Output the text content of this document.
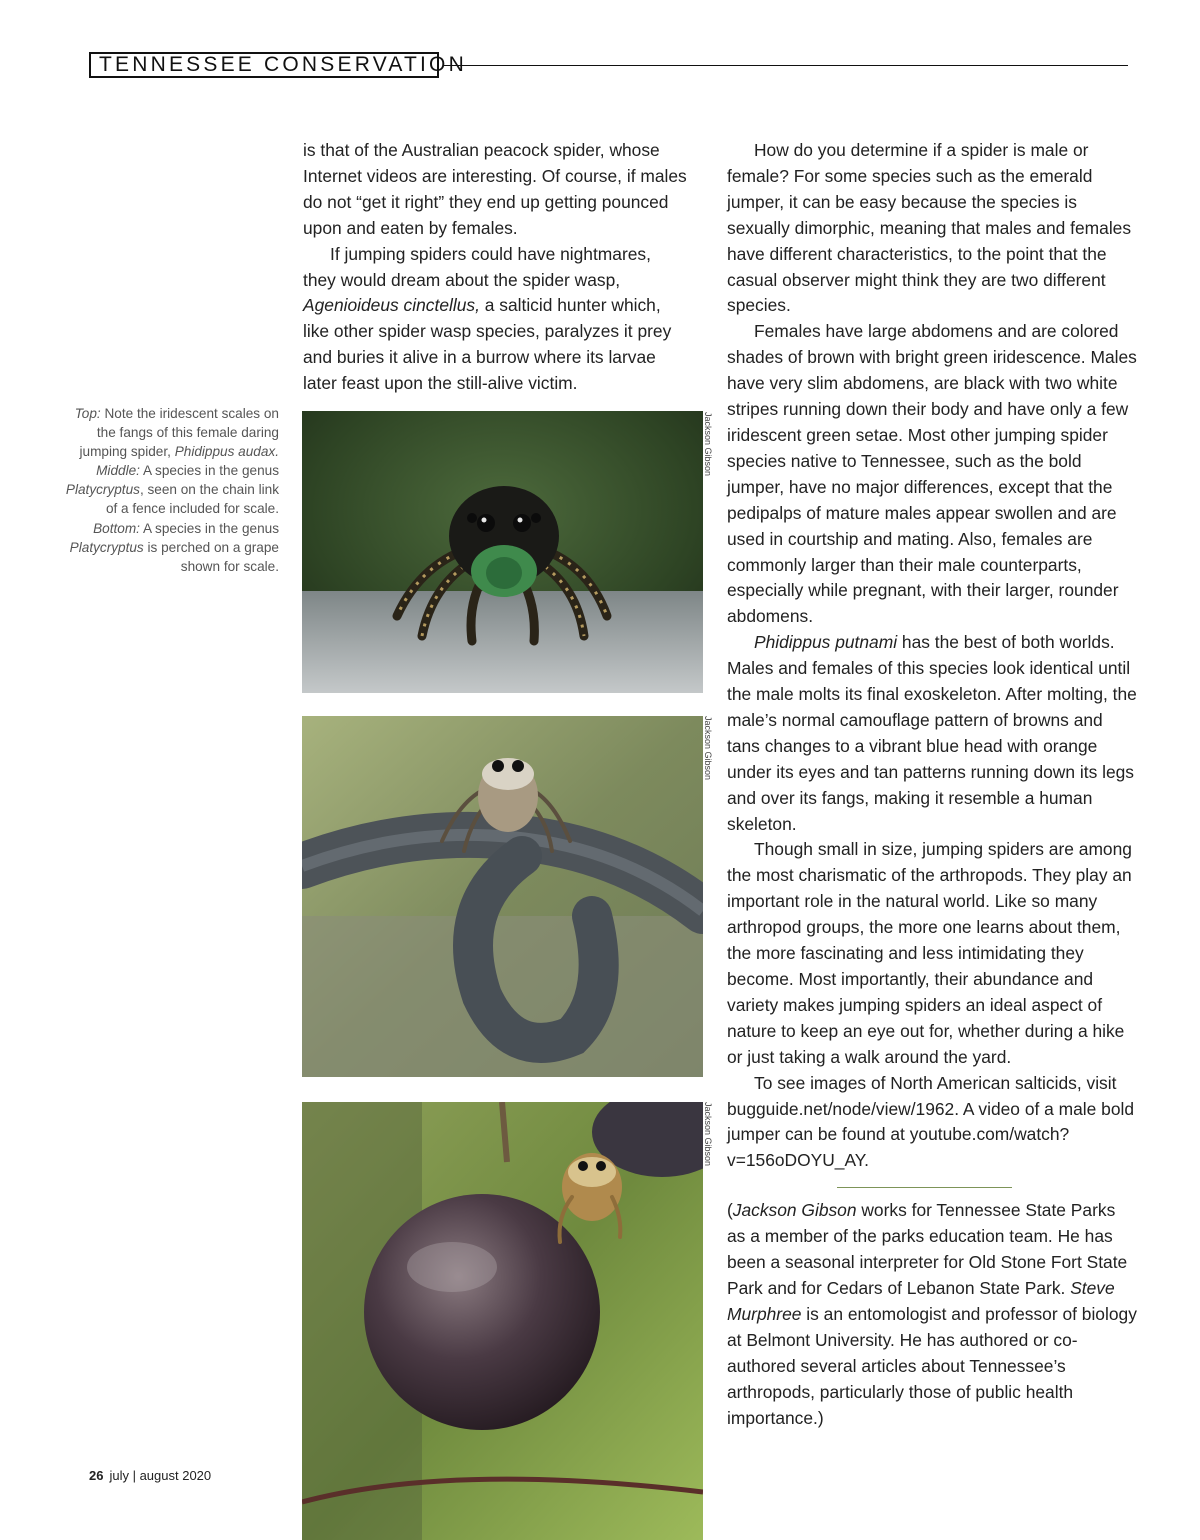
TENNESSEE CONSERVATION
Top: Note the iridescent scales on the fangs of this female daring jumping spider, Phidippus audax. Middle: A species in the genus Platycryptus, seen on the chain link of a fence included for scale. Bottom: A species in the genus Platycryptus is perched on a grape shown for scale.

is that of the Australian peacock spider, whose Internet videos are interesting. Of course, if males do not “get it right” they end up getting pounced upon and eaten by females.

If jumping spiders could have nightmares, they would dream about the spider wasp, Agenioideus cinctellus, a salticid hunter which, like other spider wasp species, paralyzes it prey and buries it alive in a burrow where its larvae later feast upon the still-alive victim.

Jackson Gibson
Jackson Gibson
Jackson Gibson

How do you determine if a spider is male or female? For some species such as the emerald jumper, it can be easy because the species is sexually dimorphic, meaning that males and females have different characteristics, to the point that the casual observer might think they are two different species.

Females have large abdomens and are colored shades of brown with bright green iridescence. Males have very slim abdomens, are black with two white stripes running down their body and have only a few iridescent green setae. Most other jumping spider species native to Tennessee, such as the bold jumper, have no major differences, except that the pedipalps of mature males appear swollen and are used in courtship and mating. Also, females are commonly larger than their male counterparts, especially while pregnant, with their larger, rounder abdomens.

Phidippus putnami has the best of both worlds. Males and females of this species look identical until the male molts its final exoskeleton. After molting, the male’s normal camouflage pattern of browns and tans changes to a vibrant blue head with orange under its eyes and tan patterns running down its legs and over its fangs, making it resemble a human skeleton.

Though small in size, jumping spiders are among the most charismatic of the arthropods. They play an important role in the natural world. Like so many arthropod groups, the more one learns about them, the more fascinating and less intimidating they become. Most importantly, their abundance and variety makes jumping spiders an ideal aspect of nature to keep an eye out for, whether during a hike or just taking a walk around the yard.

To see images of North American salticids, visit bugguide.net/node/view/1962. A video of a male bold jumper can be found at youtube.com/watch?v=156oDOYU_AY.

(Jackson Gibson works for Tennessee State Parks as a member of the parks education team. He has been a seasonal interpreter for Old Stone Fort State Park and for Cedars of Lebanon State Park. Steve Murphree is an entomologist and professor of biology at Belmont University. He has authored or co-authored several articles about Tennessee’s arthropods, particularly those of public health importance.)

26 july | august 2020
